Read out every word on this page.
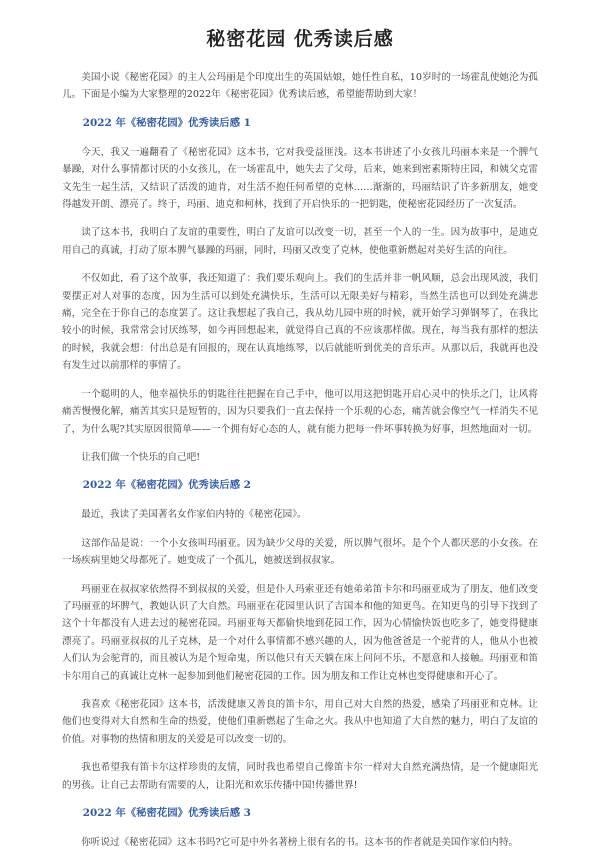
秘密花园 优秀读后感

美国小说《秘密花园》的主人公玛丽是个印度出生的英国姑娘，她任性自私，10岁时的一场霍乱使她沦为孤儿。下面是小编为大家整理的2022年《秘密花园》优秀读后感，希望能帮助到大家！

2022 年《秘密花园》优秀读后感 1

今天，我又一遍翻看了《秘密花园》这本书，它对我受益匪浅。这本书讲述了小女孩儿玛丽本来是一个脾气暴躁，对什么事情都讨厌的小女孩儿，在一场霍乱中，她失去了父母，后来，她来到密素斯特庄园，和姨父克雷文先生一起生活，又结识了活泼的迪肯，对生活不抱任何希望的克林……渐渐的，玛丽结识了许多新朋友，她变得越发开朗、漂亮了。终于，玛丽、迪克和柯林，找到了开启快乐的一把钥匙，使秘密花园经历了一次复活。

读了这本书，我明白了友谊的重要性，明白了友谊可以改变一切，甚至一个人的一生。因为故事中，是迪克用自己的真诚，打动了原本脾气暴躁的玛丽，同时，玛丽又改变了克林，使他重新燃起对美好生活的向往。

不仅如此，看了这个故事，我还知道了：我们要乐观向上。我们的生活并非一帆风顺，总会出现风波，我们要摆正对人对事的态度，因为生活可以到处充满快乐，生活可以无限美好与精彩，当然生活也可以到处充满悲痛，完全在于你自己的态度罢了。这让我想起了我自己，我从幼儿园中班的时候，就开始学习弹钢琴了，在我比较小的时候，我常常会讨厌练琴，如今再回想起来，就觉得自己真的不应该那样做。现在，每当我有那样的想法的时候，我就会想：付出总是有回报的，现在认真地练琴，以后就能听到优美的音乐声。从那以后，我就再也没有发生过以前那样的事情了。

一个聪明的人，他幸福快乐的钥匙往往把握在自己手中，他可以用这把钥匙开启心灵中的快乐之门，让风将痛苦慢慢化解，痛苦其实只是短暂的，因为只要我们一直去保持一个乐观的心态，痛苦就会像空气一样消失不见了，为什么呢?其实原因很简单——一个拥有好心态的人，就有能力把每一件坏事转换为好事，坦然地面对一切。

让我们做一个快乐的自己吧!

2022 年《秘密花园》优秀读后感 2

最近，我读了美国著名女作家伯内特的《秘密花园》。

这部作品是说：一个小女孩叫玛丽亚。因为缺少父母的关爱，所以脾气很坏。是个个人都厌恶的小女孩。在一场疾病里她父母都死了。她变成了一个孤儿，她被送到叔叔家。

玛丽亚在叔叔家依然得不到叔叔的关爱，但是仆人玛索亚还有她弟弟笛卡尔和玛丽亚成为了朋友，他们改变了玛丽亚的坏脾气，教她认识了大自然。玛丽亚在花园里认识了吉国本和他的知更鸟。在知更鸟的引导下找到了这个十年都没有人进去过的秘密花园。玛丽亚每天都偷快地到花园工作，因为心情愉快饭也吃多了，她变得健康漂亮了。玛丽亚叔叔的儿子克林，是一个对什么事情都不感兴趣的人，因为他爸爸是一个驼背的人，他从小也被人们认为会驼背的，而且被认为是个短命鬼，所以他只有天天躺在床上问问不乐，不愿意和人接触。玛丽亚和笛卡尔用自己的真诚让克林一起参加到他们秘密花园的工作。因为朋友和工作让克林也变得健康和开心了。

我喜欢《秘密花园》这本书，活泼健康又善良的笛卡尔，用自己对大自然的热爱，感染了玛丽亚和克林。让他们也变得对大自然和生命的热爱，使他们重新燃起了生命之火。我从中也知道了大自然的魅力，明白了友谊的价值。对事物的热情和朋友的关爱是可以改变一切的。

我也希望我有笛卡尔这样珍贵的友情，同时我也希望自己像笛卡尔一样对大自然充满热情，是一个健康阳光的男孩。让自己去帮助有需要的人，让阳光和欢乐传播中国!传播世界!

2022 年《秘密花园》优秀读后感 3

你听说过《秘密花园》这本书吗?它可是中外名著榜上很有名的书。这本书的作者就是美国作家伯内特。
